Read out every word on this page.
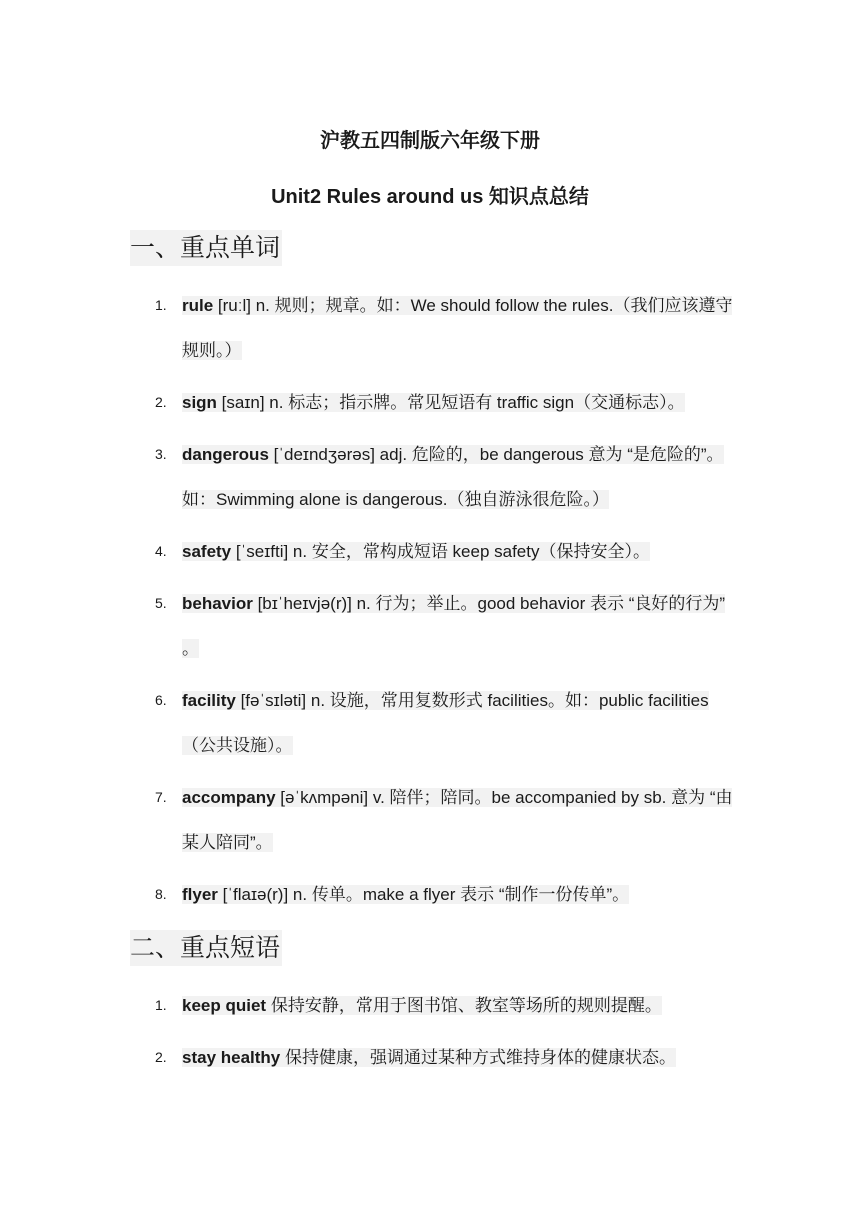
沪教五四制版六年级下册
Unit2 Rules around us 知识点总结
一、重点单词
1. rule [ruːl] n. 规则；规章。如：We should follow the rules.（我们应该遵守规则。）
2. sign [saɪn] n. 标志；指示牌。常见短语有 traffic sign（交通标志）。
3. dangerous [ˈdeɪndʒərəs] adj. 危险的，be dangerous 意为 “是危险的”。如：Swimming alone is dangerous.（独自游泳很危险。）
4. safety [ˈseɪfti] n. 安全，常构成短语 keep safety（保持安全）。
5. behavior [bɪˈheɪvjə(r)] n. 行为；举止。good behavior 表示 “良好的行为” 。
6. facility [fəˈsɪləti] n. 设施，常用复数形式 facilities。如：public facilities（公共设施）。
7. accompany [əˈkʌmpəni] v. 陪伴；陪同。be accompanied by sb. 意为 “由某人陪同”。
8. flyer [ˈflaɪə(r)] n. 传单。make a flyer 表示 “制作一份传单”。
二、重点短语
1. keep quiet 保持安静，常用于图书馆、教室等场所的规则提醒。
2. stay healthy 保持健康，强调通过某种方式维持身体的健康状态。
